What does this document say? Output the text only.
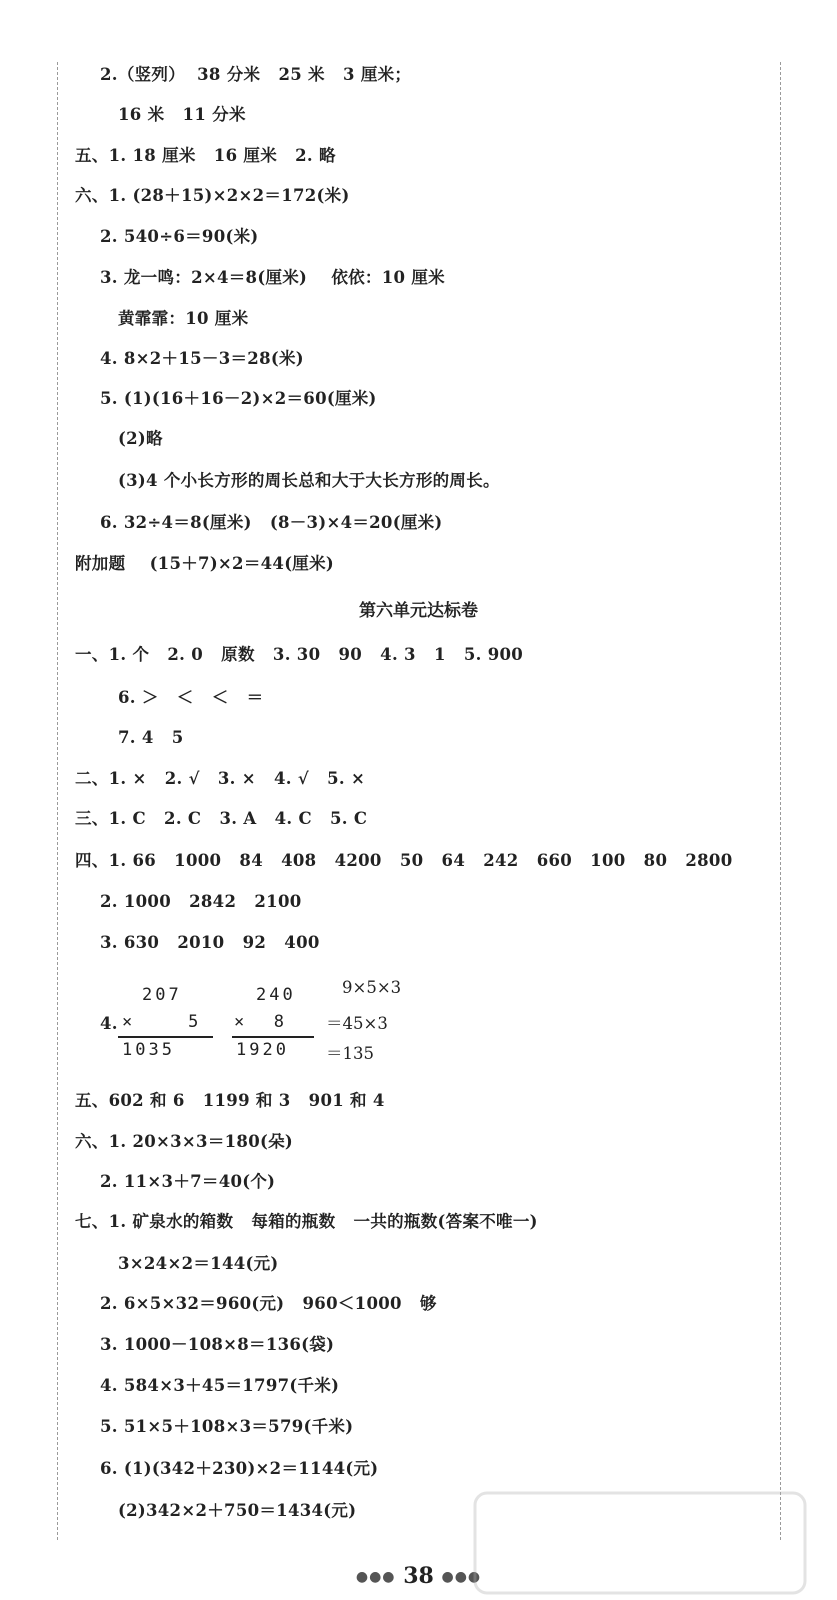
2.（竖列）  38 分米   25 米   3 厘米；
16 米   11 分米
五、1. 18 厘米   16 厘米   2. 略
六、1. (28＋15)×2×2＝172(米)
2. 540÷6＝90(米)
3. 龙一鸣：2×4＝8(厘米)    依依：10 厘米
黄霏霏：10 厘米
4. 8×2＋15－3＝28(米)
5. (1)(16＋16－2)×2＝60(厘米)
(2)略
(3)4 个小长方形的周长总和大于大长方形的周长。
6. 32÷4＝8(厘米)   (8－3)×4＝20(厘米)
附加题    (15＋7)×2＝44(厘米)
第六单元达标卷
一、1. 个   2. 0   原数   3. 30   90   4. 3   1   5. 900
6. ＞   ＜   ＜   ＝
7. 4   5
二、1. ×   2. √   3. ×   4. √   5. ×
三、1. C   2. C   3. A   4. C   5. C
四、1. 66   1000   84   408   4200   50   64   242   660   100   80   2800
2. 1000   2842   2100
3. 630   2010   92   400
4.
207
×    5
1035
240
×  8
1920
9×5×3
＝45×3
＝135
五、602 和 6   1199 和 3   901 和 4
六、1. 20×3×3＝180(朵)
2. 11×3＋7＝40(个)
七、1. 矿泉水的箱数   每箱的瓶数   一共的瓶数(答案不唯一)
3×24×2＝144(元)
2. 6×5×32＝960(元)   960＜1000   够
3. 1000－108×8＝136(袋)
4. 584×3＋45＝1797(千米)
5. 51×5＋108×3＝579(千米)
6. (1)(342＋230)×2＝1144(元)
(2)342×2＋750＝1434(元)
●●● 38 ●●●
